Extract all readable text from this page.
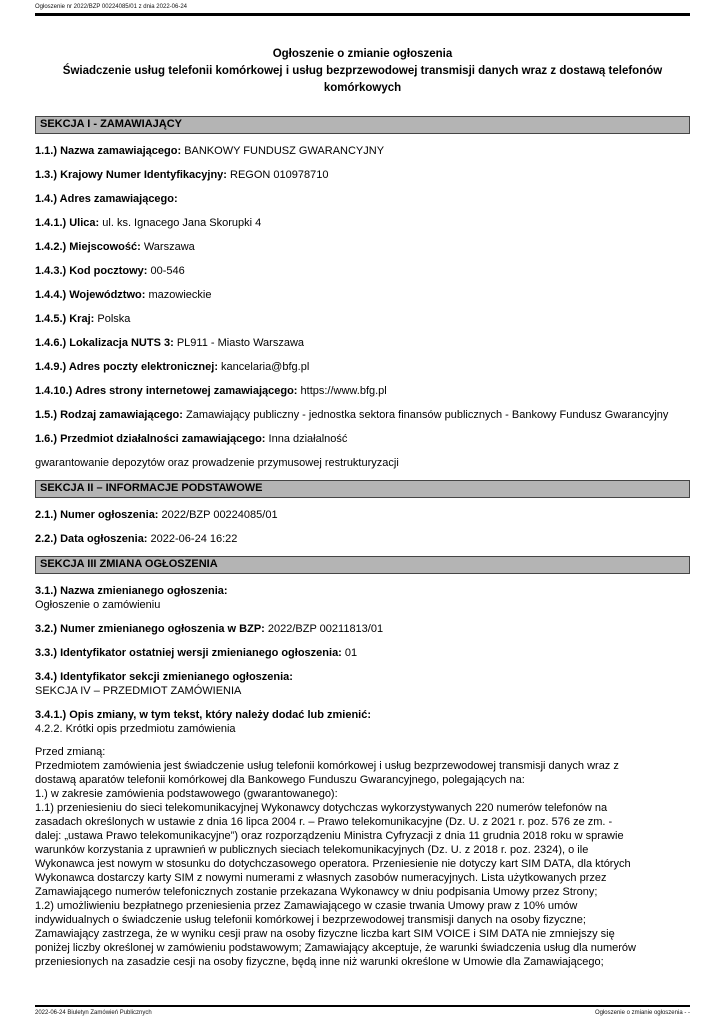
Ogłoszenie nr 2022/BZP 00224085/01 z dnia 2022-06-24
Ogłoszenie o zmianie ogłoszenia
Świadczenie usług telefonii komórkowej i usług bezprzewodowej transmisji danych wraz z dostawą telefonów komórkowych
SEKCJA I - ZAMAWIAJĄCY
1.1.) Nazwa zamawiającego: BANKOWY FUNDUSZ GWARANCYJNY
1.3.) Krajowy Numer Identyfikacyjny: REGON 010978710
1.4.) Adres zamawiającego:
1.4.1.) Ulica: ul. ks. Ignacego Jana Skorupki 4
1.4.2.) Miejscowość: Warszawa
1.4.3.) Kod pocztowy: 00-546
1.4.4.) Województwo: mazowieckie
1.4.5.) Kraj: Polska
1.4.6.) Lokalizacja NUTS 3: PL911 - Miasto Warszawa
1.4.9.) Adres poczty elektronicznej: kancelaria@bfg.pl
1.4.10.) Adres strony internetowej zamawiającego: https://www.bfg.pl
1.5.) Rodzaj zamawiającego: Zamawiający publiczny - jednostka sektora finansów publicznych - Bankowy Fundusz Gwarancyjny
1.6.) Przedmiot działalności zamawiającego: Inna działalność
gwarantowanie depozytów oraz prowadzenie przymusowej restrukturyzacji
SEKCJA II – INFORMACJE PODSTAWOWE
2.1.) Numer ogłoszenia: 2022/BZP 00224085/01
2.2.) Data ogłoszenia: 2022-06-24 16:22
SEKCJA III ZMIANA OGŁOSZENIA
3.1.) Nazwa zmienianego ogłoszenia:
Ogłoszenie o zamówieniu
3.2.) Numer zmienianego ogłoszenia w BZP: 2022/BZP 00211813/01
3.3.) Identyfikator ostatniej wersji zmienianego ogłoszenia: 01
3.4.) Identyfikator sekcji zmienianego ogłoszenia:
SEKCJA IV – PRZEDMIOT ZAMÓWIENIA
3.4.1.) Opis zmiany, w tym tekst, który należy dodać lub zmienić:
4.2.2. Krótki opis przedmiotu zamówienia
Przed zmianą:
Przedmiotem zamówienia jest świadczenie usług telefonii komórkowej i usług bezprzewodowej transmisji danych wraz z
dostawą aparatów telefonii komórkowej dla Bankowego Funduszu Gwarancyjnego, polegających na:
1.) w zakresie zamówienia podstawowego (gwarantowanego):
1.1) przeniesieniu do sieci telekomunikacyjnej Wykonawcy dotychczas wykorzystywanych 220 numerów telefonów na
zasadach określonych w ustawie z dnia 16 lipca 2004 r. – Prawo telekomunikacyjne (Dz. U. z 2021 r. poz. 576 ze zm. -
dalej: „ustawa Prawo telekomunikacyjne”) oraz rozporządzeniu Ministra Cyfryzacji z dnia 11 grudnia 2018 roku w sprawie
warunków korzystania z uprawnień w publicznych sieciach telekomunikacyjnych (Dz. U. z 2018 r. poz. 2324), o ile
Wykonawca jest nowym w stosunku do dotychczasowego operatora. Przeniesienie nie dotyczy kart SIM DATA, dla których
Wykonawca dostarczy karty SIM z nowymi numerami z własnych zasobów numeracyjnych. Lista użytkowanych przez
Zamawiającego numerów telefonicznych zostanie przekazana Wykonawcy w dniu podpisania Umowy przez Strony;
1.2) umożliwieniu bezpłatnego przeniesienia przez Zamawiającego w czasie trwania Umowy praw z 10% umów
indywidualnych o świadczenie usług telefonii komórkowej i bezprzewodowej transmisji danych na osoby fizyczne;
Zamawiający zastrzega, że w wyniku cesji praw na osoby fizyczne liczba kart SIM VOICE i SIM DATA nie zmniejszy się
poniżej liczby określonej w zamówieniu podstawowym; Zamawiający akceptuje, że warunki świadczenia usług dla numerów
przeniesionych na zasadzie cesji na osoby fizyczne, będą inne niż warunki określone w Umowie dla Zamawiającego;
2022-06-24 Biuletyn Zamówień Publicznych	Ogłoszenie o zmianie ogłoszenia - -
